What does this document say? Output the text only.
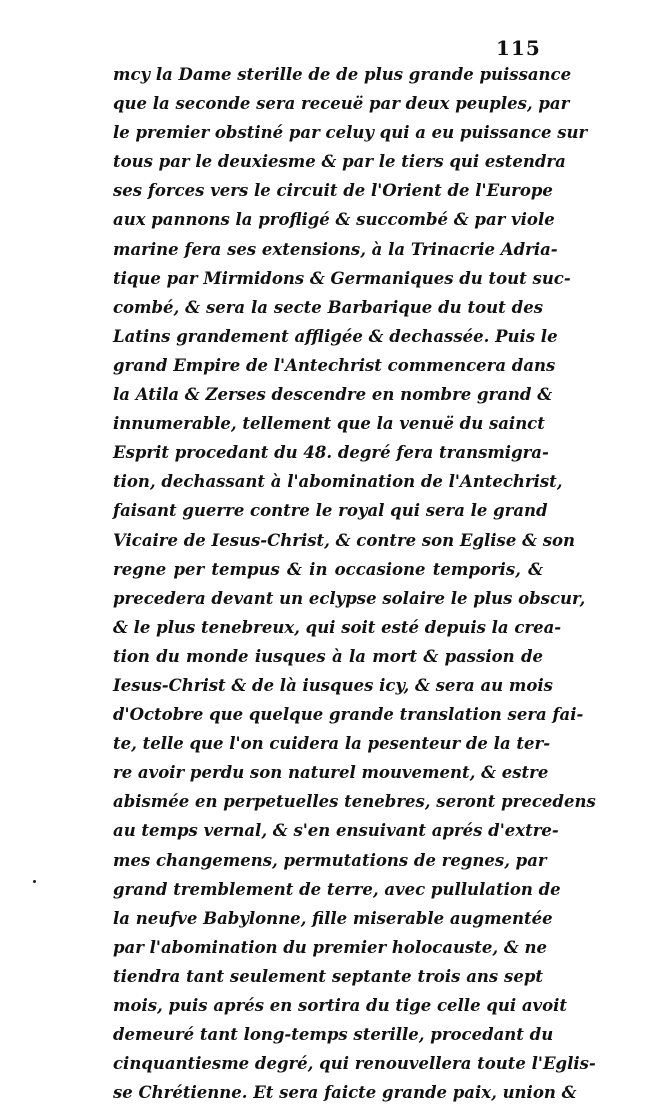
115
mcy la Dame sterille de de plus grande puissance
que la seconde sera receuë par deux peuples, par
le premier obstiné par celuy qui a eu puissance sur
tous par le deuxiesme & par le tiers qui estendra
ses forces vers le circuit de l'Orient de l'Europe
aux pannons la profligé & succombé & par viole
marine fera ses extensions, à la Trinacrie Adria-
tique par Mirmidons & Germaniques du tout suc-
combé, & sera la secte Barbarique du tout des
Latins grandement affligée & dechassée. Puis le
grand Empire de l'Antechrist commencera dans
la Atila & Zerses descendre en nombre grand &
innumerable, tellement que la venuë du sainct
Esprit procedant du 48. degré fera transmigra-
tion, dechassant à l'abomination de l'Antechrist,
faisant guerre contre le royal qui sera le grand
Vicaire de Iesus-Christ, & contre son Eglise & son
regne per tempus & in occasione temporis, &
precedera devant un eclypse solaire le plus obscur,
& le plus tenebreux, qui soit esté depuis la crea-
tion du monde iusques à la mort & passion de
Iesus-Christ & de là iusques icy, & sera au mois
d'Octobre que quelque grande translation sera fai-
te, telle que l'on cuidera la pesenteur de la ter-
re avoir perdu son naturel mouvement, & estre
abismée en perpetuelles tenebres, seront precedens
au temps vernal, & s'en ensuivant aprés d'extre-
mes changemens, permutations de regnes, par
grand tremblement de terre, avec pullulation de
la neufve Babylonne, fille miserable augmentée
par l'abomination du premier holocauste, & ne
tiendra tant seulement septante trois ans sept
mois, puis aprés en sortira du tige celle qui avoit
demeuré tant long-temps sterille, procedant du
cinquantiesme degré, qui renouvellera toute l'Eglis-
se Chrétienne. Et sera faicte grande paix, union &
